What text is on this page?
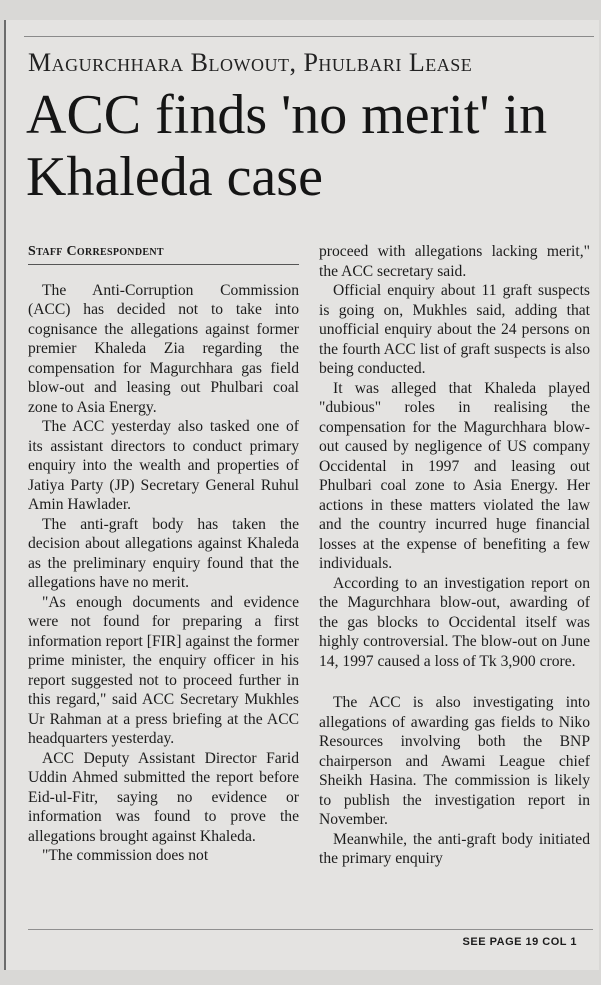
Magurchhara Blowout, Phulbari Lease
ACC finds 'no merit' in Khaleda case
Staff Correspondent

The Anti-Corruption Commission (ACC) has decided not to take into cognisance the allegations against former premier Khaleda Zia regarding the compensation for Magurchhara gas field blow-out and leasing out Phulbari coal zone to Asia Energy.

The ACC yesterday also tasked one of its assistant directors to conduct primary enquiry into the wealth and properties of Jatiya Party (JP) Secretary General Ruhul Amin Hawlader.

The anti-graft body has taken the decision about allegations against Khaleda as the preliminary enquiry found that the allegations have no merit.

"As enough documents and evidence were not found for preparing a first information report [FIR] against the former prime minister, the enquiry officer in his report suggested not to proceed further in this regard," said ACC Secretary Mukhles Ur Rahman at a press briefing at the ACC headquarters yesterday.

ACC Deputy Assistant Director Farid Uddin Ahmed submitted the report before Eid-ul-Fitr, saying no evidence or information was found to prove the allegations brought against Khaleda.

"The commission does not

proceed with allegations lacking merit," the ACC secretary said.

Official enquiry about 11 graft suspects is going on, Mukhles said, adding that unofficial enquiry about the 24 persons on the fourth ACC list of graft suspects is also being conducted.

It was alleged that Khaleda played "dubious" roles in realising the compensation for the Magurchhara blow-out caused by negligence of US company Occidental in 1997 and leasing out Phulbari coal zone to Asia Energy. Her actions in these matters violated the law and the country incurred huge financial losses at the expense of benefiting a few individuals.

According to an investigation report on the Magurchhara blow-out, awarding of the gas blocks to Occidental itself was highly controversial. The blow-out on June 14, 1997 caused a loss of Tk 3,900 crore.

The ACC is also investigating into allegations of awarding gas fields to Niko Resources involving both the BNP chairperson and Awami League chief Sheikh Hasina. The commission is likely to publish the investigation report in November.

Meanwhile, the anti-graft body initiated the primary enquiry

SEE PAGE 19 COL 1
